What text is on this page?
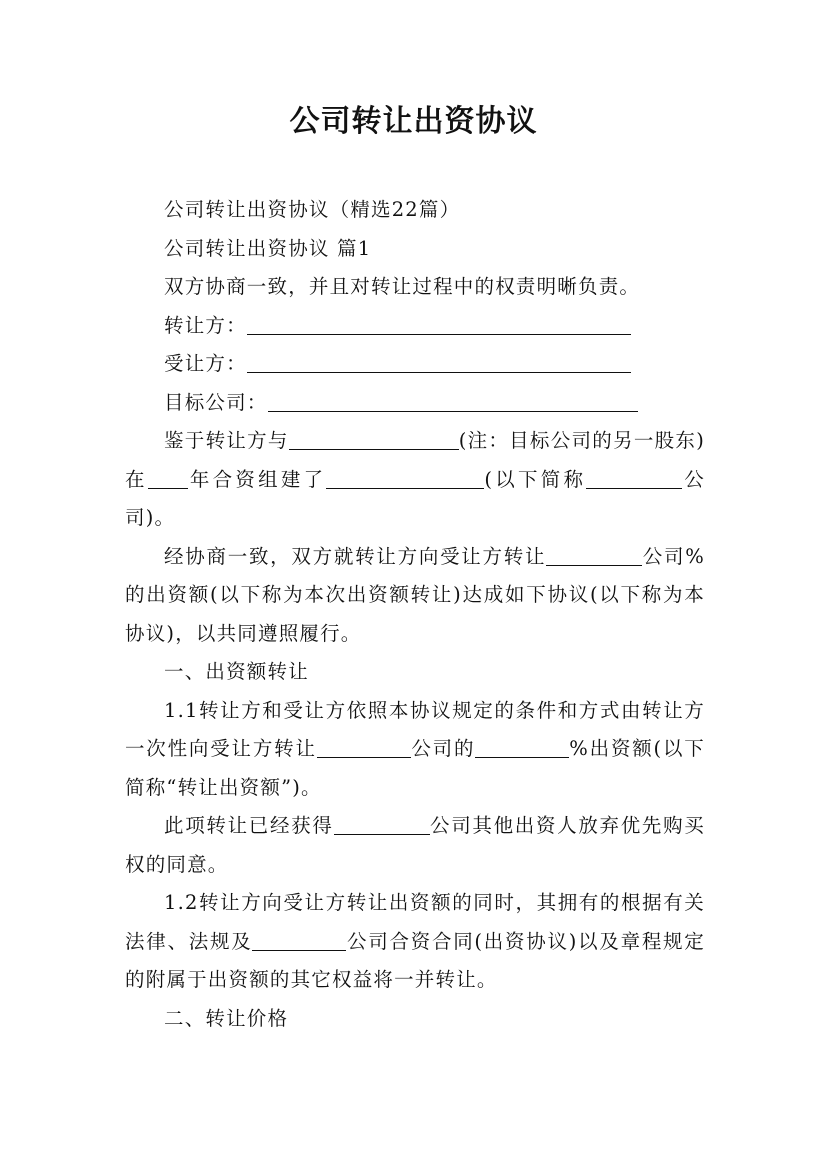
公司转让出资协议

公司转让出资协议（精选22篇）

公司转让出资协议 篇1

双方协商一致，并且对转让过程中的权责明晰负责。

转让方：

受让方：

目标公司：

鉴于转让方与	(注：目标公司的另一股东)在 年合资组建了	(以下简称	公司)。

经协商一致，双方就转让方向受让方转让	公司%的出资额(以下称为本次出资额转让)达成如下协议(以下称为本协议)，以共同遵照履行。

一、出资额转让

1.1转让方和受让方依照本协议规定的条件和方式由转让方一次性向受让方转让	公司的	%出资额(以下简称“转让出资额”)。

此项转让已经获得	公司其他出资人放弃优先购买权的同意。

1.2转让方向受让方转让出资额的同时，其拥有的根据有关法律、法规及	公司合资合同(出资协议)以及章程规定的附属于出资额的其它权益将一并转让。

二、转让价格
